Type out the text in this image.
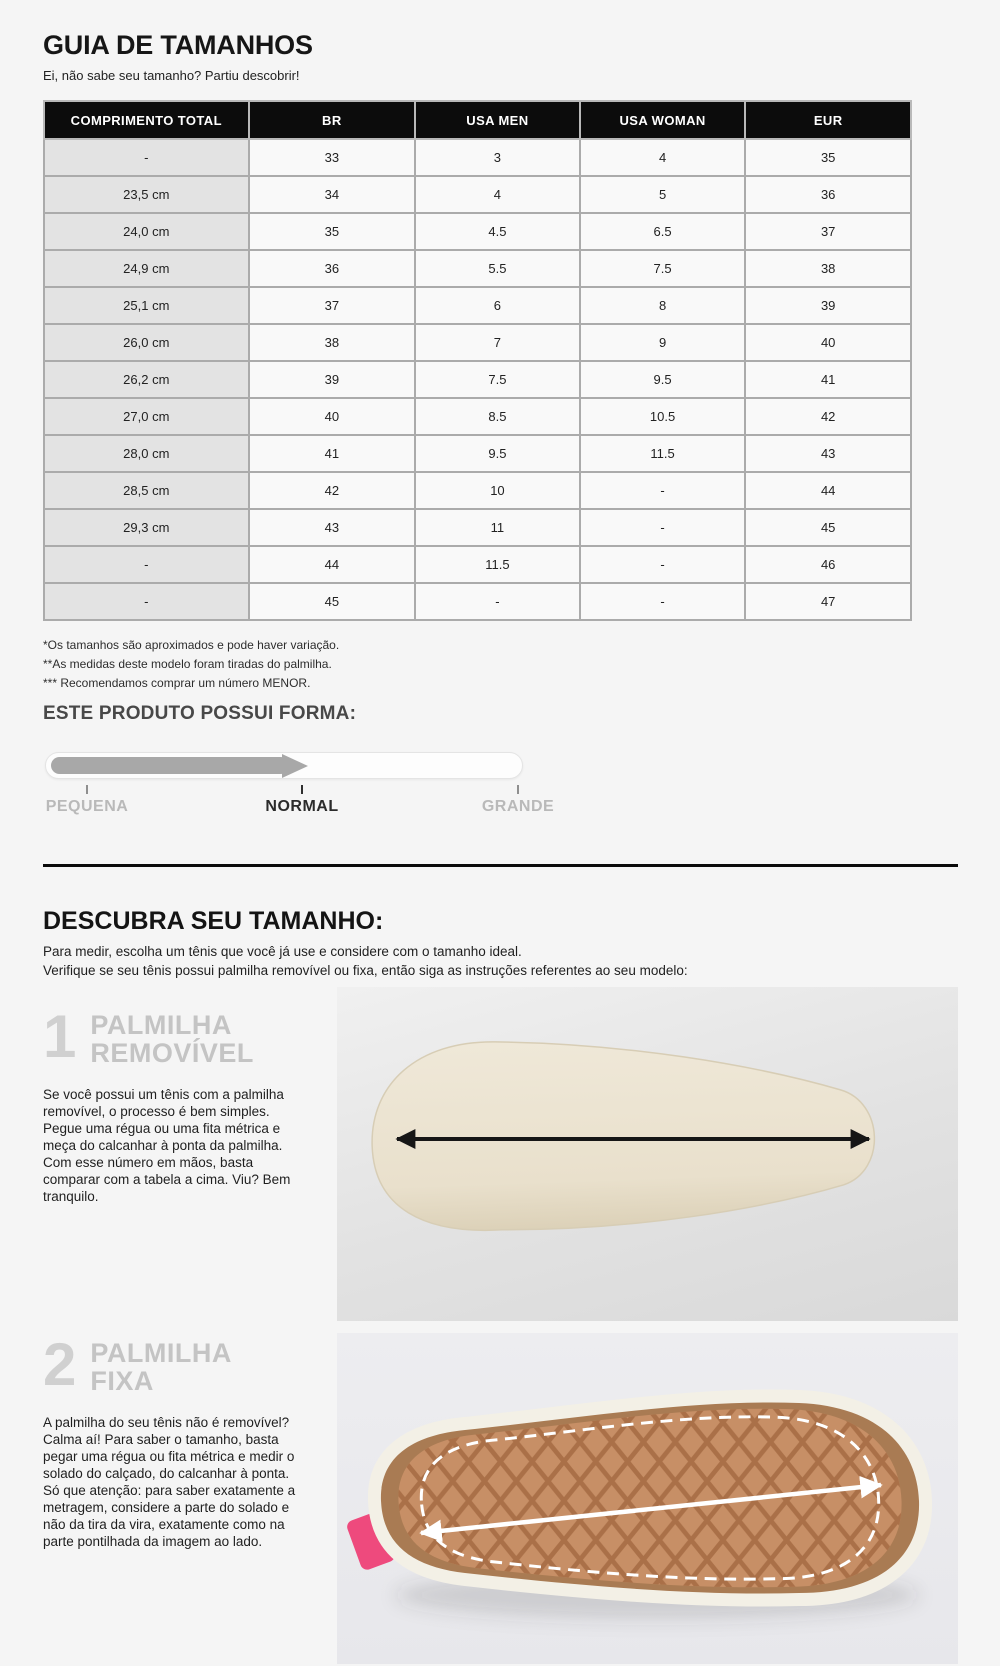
GUIA DE TAMANHOS

Ei, não sabe seu tamanho? Partiu descobrir!

COMPRIMENTO TOTAL	BR	USA MEN	USA WOMAN	EUR
-	33	3	4	35
23,5 cm	34	4	5	36
24,0 cm	35	4.5	6.5	37
24,9 cm	36	5.5	7.5	38
25,1 cm	37	6	8	39
26,0 cm	38	7	9	40
26,2 cm	39	7.5	9.5	41
27,0 cm	40	8.5	10.5	42
28,0 cm	41	9.5	11.5	43
28,5 cm	42	10	-	44
29,3 cm	43	11	-	45
-	44	11.5	-	46
-	45	-	-	47

*Os tamanhos são aproximados e pode haver variação.

**As medidas deste modelo foram tiradas do palmilha.

*** Recomendamos comprar um número MENOR.

ESTE PRODUTO POSSUI FORMA:
PEQUENA	NORMAL	GRANDE
DESCUBRA SEU TAMANHO:

Para medir, escolha um tênis que você já use e considere com o tamanho ideal.

Verifique se seu tênis possui palmilha removível ou fixa, então siga as instruções referentes ao seu modelo:

1 PALMILHA
REMOVÍVEL

Se você possui um tênis com a palmilha removível, o processo é bem simples. Pegue uma régua ou uma fita métrica e meça do calcanhar à ponta da palmilha. Com esse número em mãos, basta comparar com a tabela a cima. Viu? Bem tranquilo.

2 PALMILHA
FIXA

A palmilha do seu tênis não é removível? Calma aí! Para saber o tamanho, basta pegar uma régua ou fita métrica e medir o solado do calçado, do calcanhar à ponta. Só que atenção: para saber exatamente a metragem, considere a parte do solado e não da tira da vira, exatamente como na parte pontilhada da imagem ao lado.
